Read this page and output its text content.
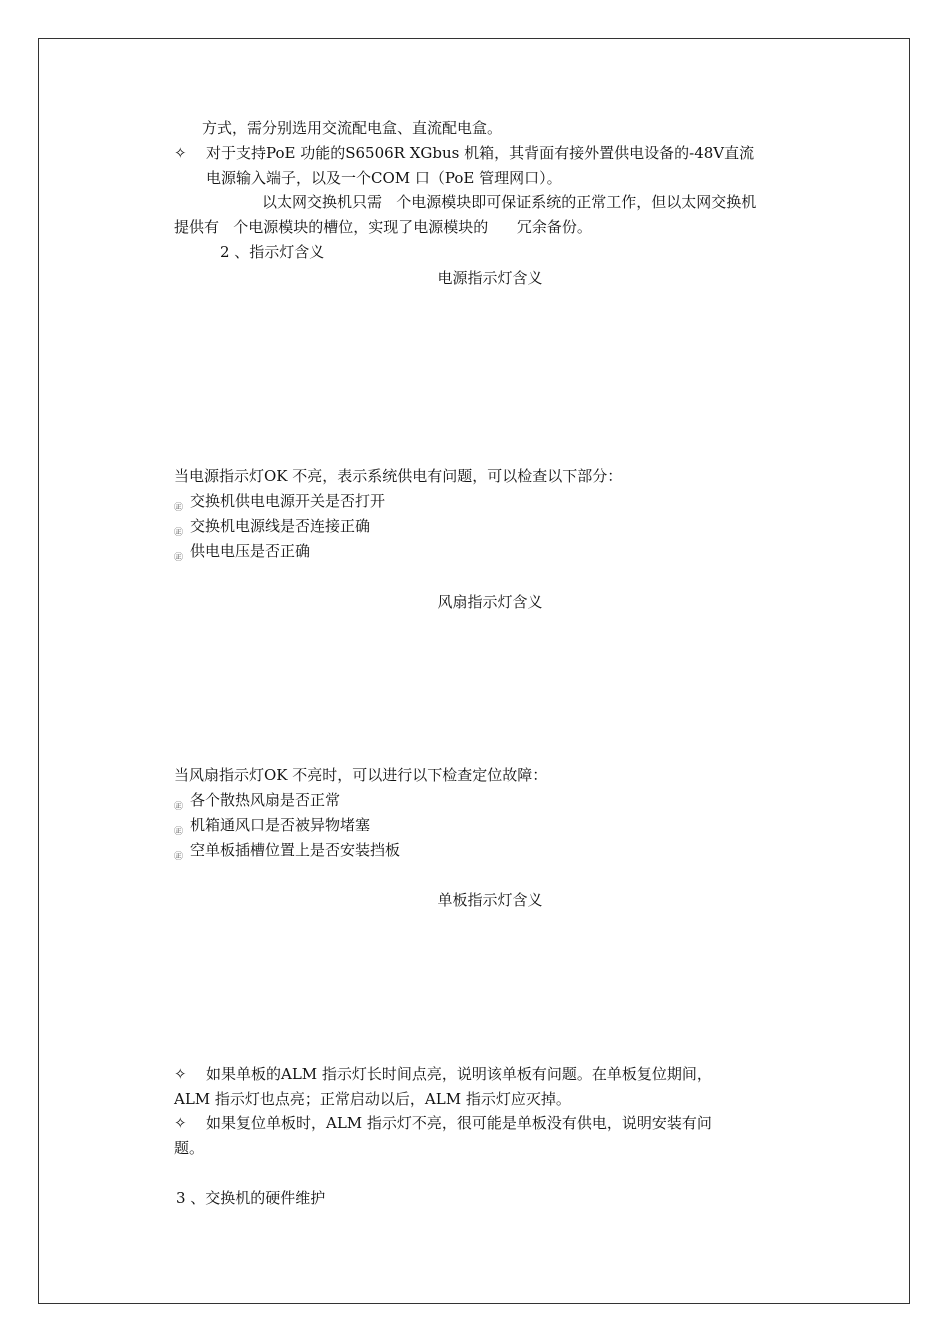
方式，需分别选用交流配电盒、直流配电盒。
✧ 对于支持PoE 功能的S6506R XGbus 机箱，其背面有接外置供电设备的-48V直流
电源输入端子，以及一个COM 口（PoE 管理网口）。
以太网交换机只需   个电源模块即可保证系统的正常工作，但以太网交换机
提供有   个电源模块的槽位，实现了电源模块的      冗余备份。
2 、指示灯含义
电源指示灯含义
当电源指示灯OK 不亮，表示系统供电有问题，可以检查以下部分：
㊣ 交换机供电电源开关是否打开
㊣ 交换机电源线是否连接正确
㊣ 供电电压是否正确
风扇指示灯含义
当风扇指示灯OK 不亮时，可以进行以下检查定位故障：
㊣ 各个散热风扇是否正常
㊣ 机箱通风口是否被异物堵塞
㊣ 空单板插槽位置上是否安装挡板
单板指示灯含义
✧ 如果单板的ALM 指示灯长时间点亮，说明该单板有问题。在单板复位期间，
ALM 指示灯也点亮；正常启动以后，ALM 指示灯应灭掉。
✧ 如果复位单板时，ALM 指示灯不亮，很可能是单板没有供电，说明安装有问
题。
3 、交换机的硬件维护
